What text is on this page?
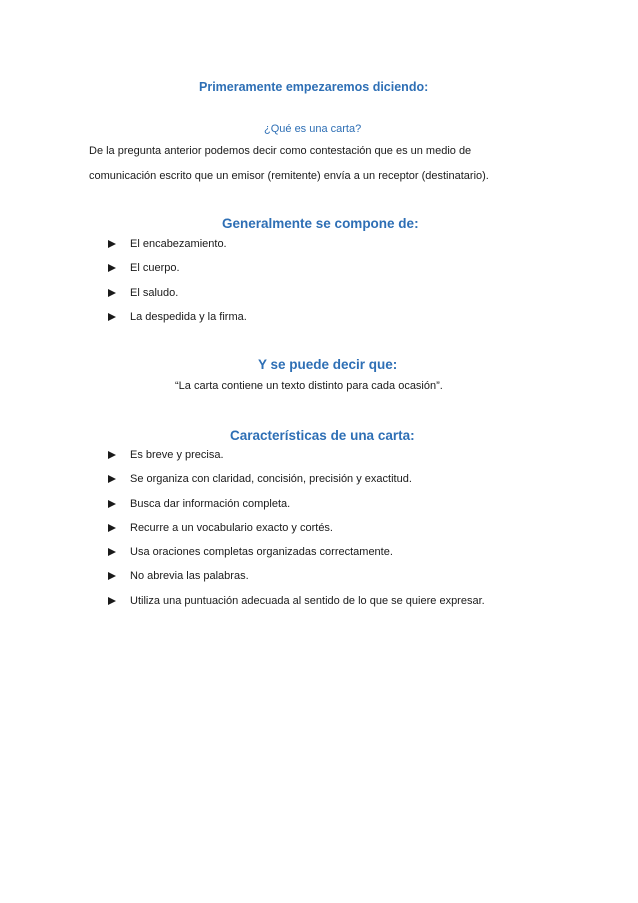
Primeramente empezaremos diciendo:
¿Qué es una carta?
De la pregunta anterior podemos decir como contestación que es un medio de
comunicación escrito que un emisor (remitente) envía a un receptor (destinatario).
Generalmente se compone de:
El encabezamiento.
El cuerpo.
El saludo.
La despedida y la firma.
Y se puede decir que:
“La carta contiene un texto distinto para cada ocasión”.
Características de una carta:
Es breve y precisa.
Se organiza con claridad, concisión, precisión y exactitud.
Busca dar información completa.
Recurre a un vocabulario exacto y cortés.
Usa oraciones completas organizadas correctamente.
No abrevia las palabras.
Utiliza una puntuación adecuada al sentido de lo que se quiere expresar.
